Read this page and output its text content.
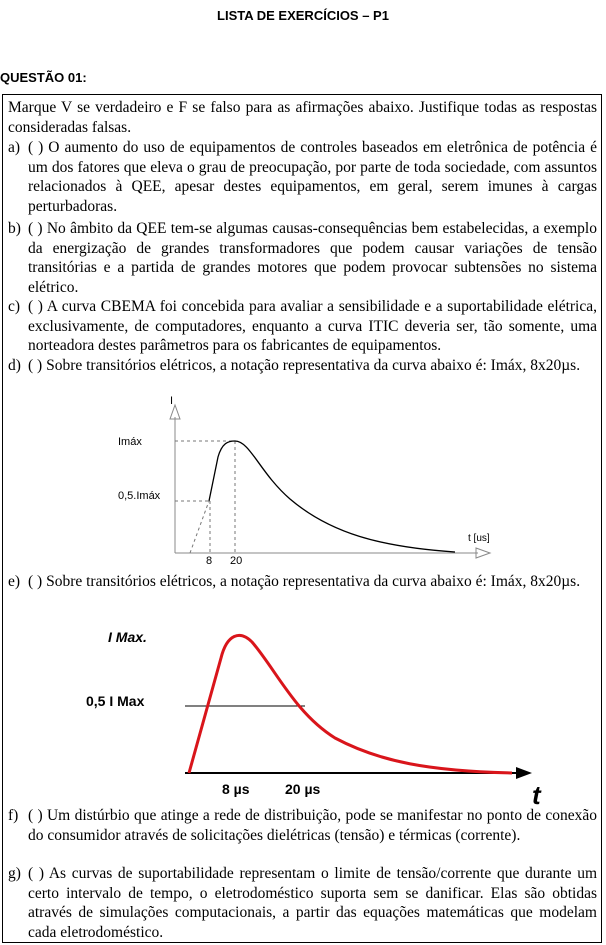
LISTA DE EXERCÍCIOS – P1
QUESTÃO 01:
Marque V se verdadeiro e F se falso para as afirmações abaixo. Justifique todas as respostas consideradas falsas.
a) ( ) O aumento do uso de equipamentos de controles baseados em eletrônica de potência é um dos fatores que eleva o grau de preocupação, por parte de toda sociedade, com assuntos relacionados à QEE, apesar destes equipamentos, em geral, serem imunes à cargas perturbadoras.
b) ( ) No âmbito da QEE tem-se algumas causas-consequências bem estabelecidas, a exemplo da energização de grandes transformadores que podem causar variações de tensão transitórias e a partida de grandes motores que podem provocar subtensões no sistema elétrico.
c) ( ) A curva CBEMA foi concebida para avaliar a sensibilidade e a suportabilidade elétrica, exclusivamente, de computadores, enquanto a curva ITIC deveria ser, tão somente, uma norteadora destes parâmetros para os fabricantes de equipamentos.
d) ( ) Sobre transitórios elétricos, a notação representativa da curva abaixo é: Imáx, 8x20µs.
I
t [us]
Imáx
0,5.Imáx
8 20
e) ( ) Sobre transitórios elétricos, a notação representativa da curva abaixo é: Imáx, 8x20µs.
I Max.
0,5 I Max
8 µs	20 µs	t
f) ( ) Um distúrbio que atinge a rede de distribuição, pode se manifestar no ponto de conexão do consumidor através de solicitações dielétricas (tensão) e térmicas (corrente).
g) ( ) As curvas de suportabilidade representam o limite de tensão/corrente que durante um certo intervalo de tempo, o eletrodoméstico suporta sem se danificar. Elas são obtidas através de simulações computacionais, a partir das equações matemáticas que modelam cada eletrodoméstico.
